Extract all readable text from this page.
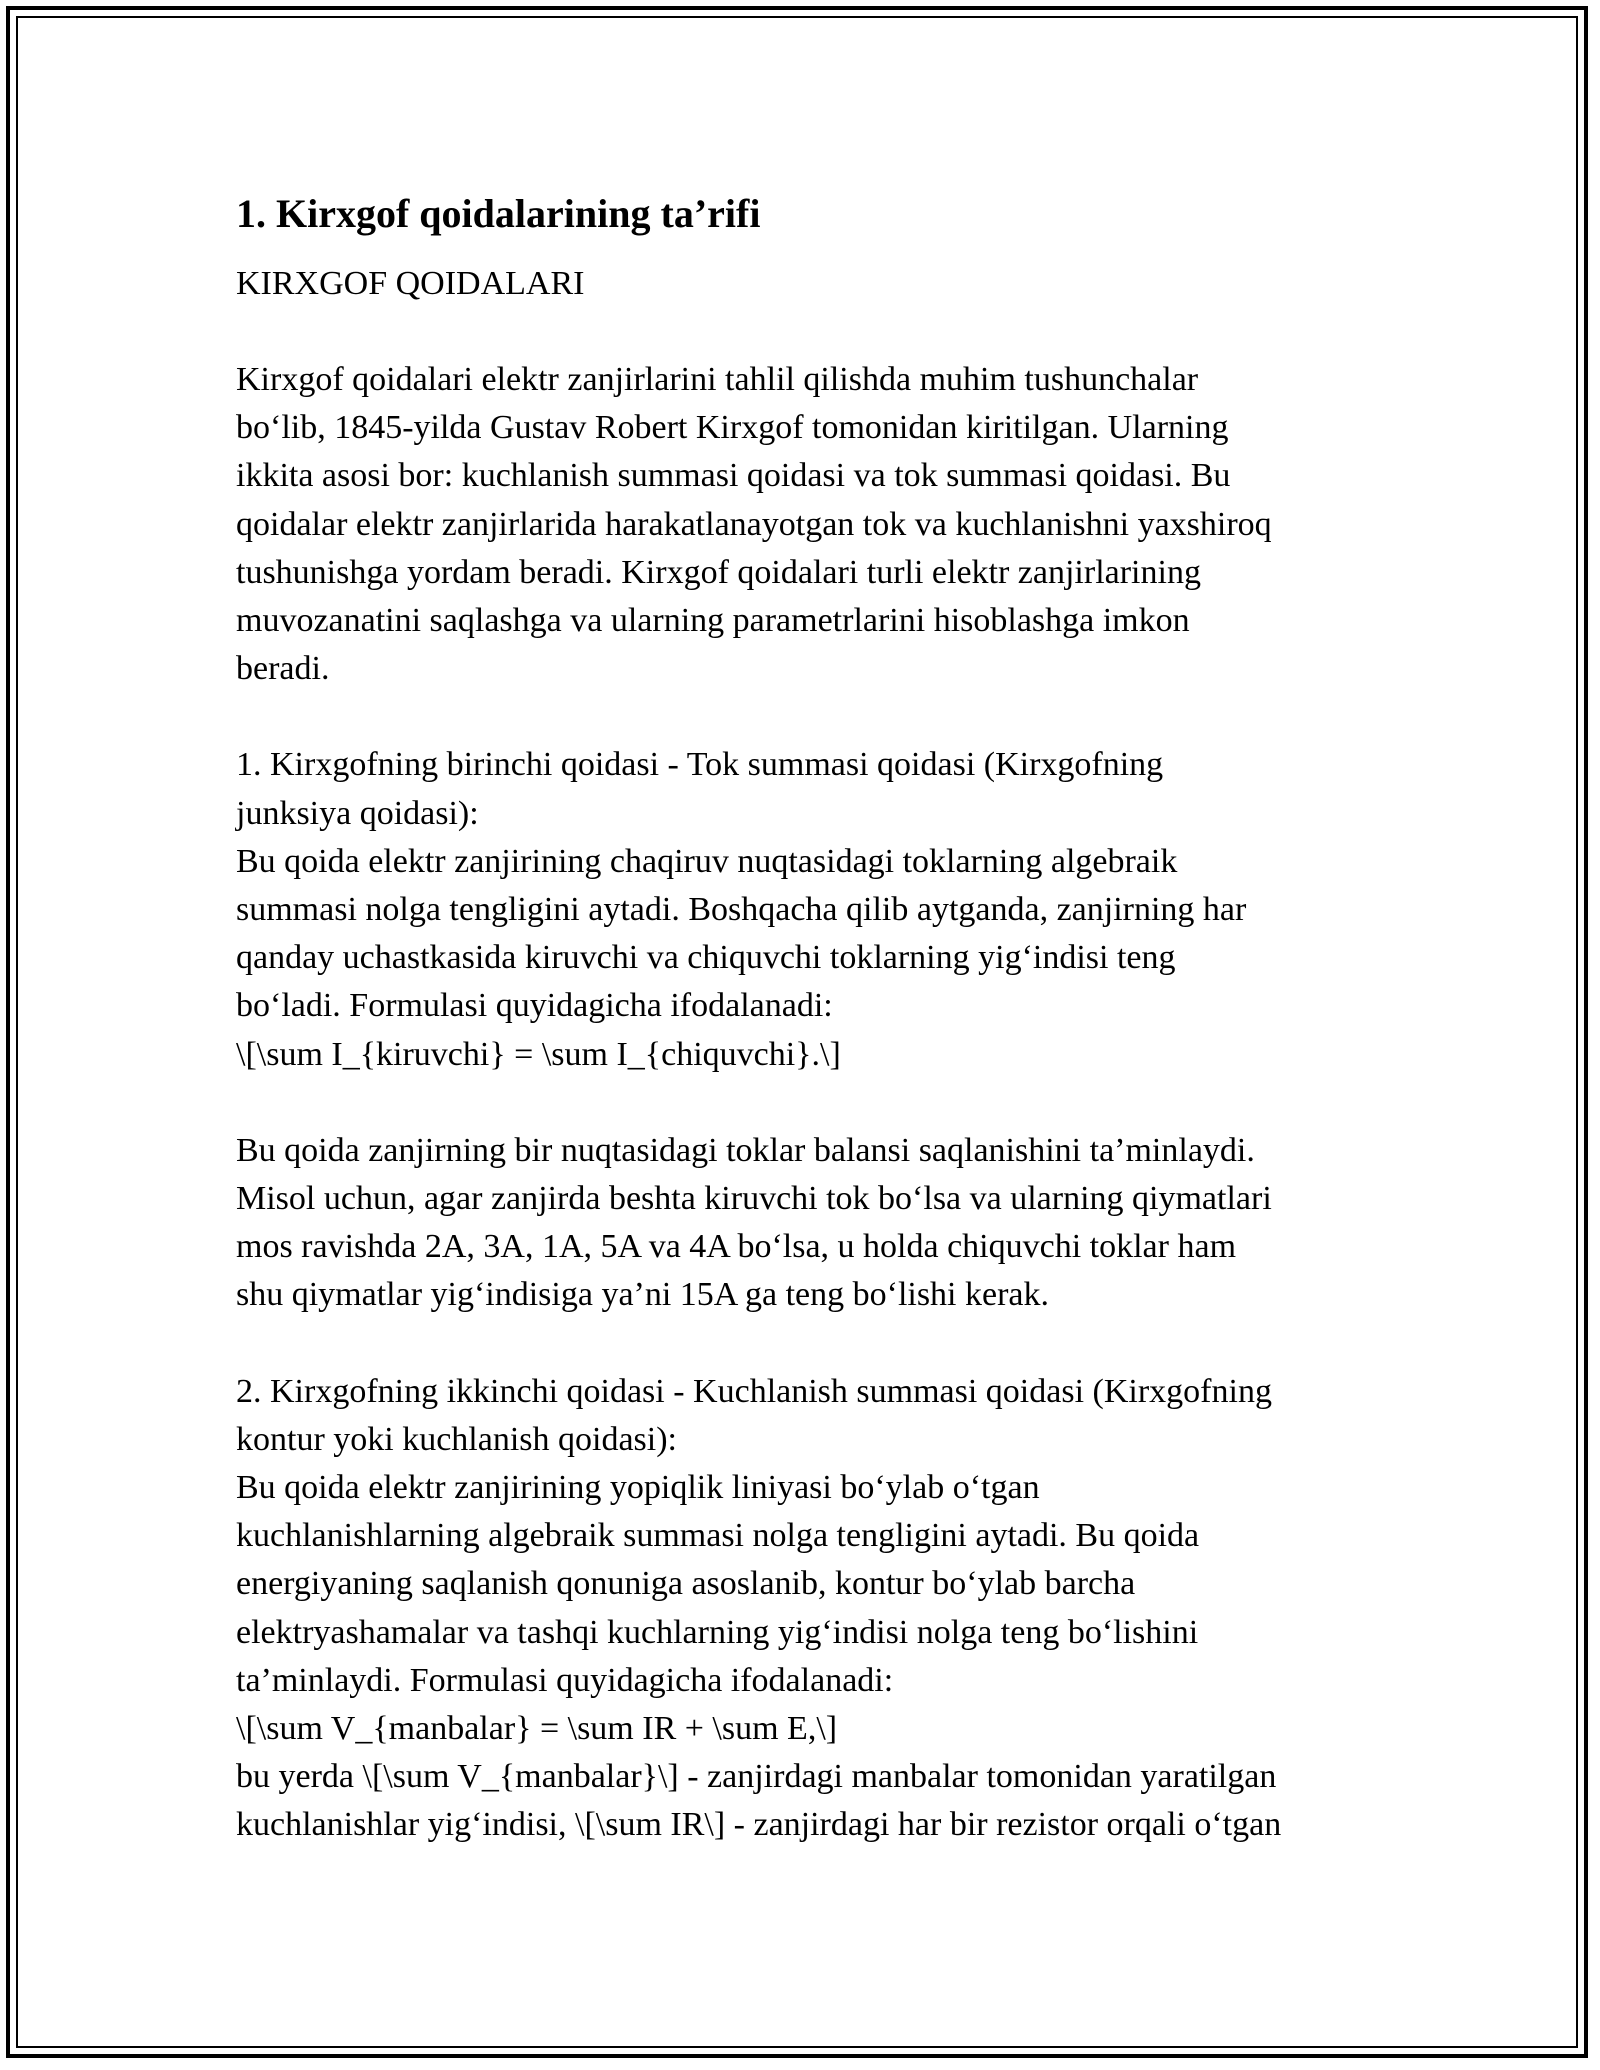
1. Kirxgof qoidalarining ta’rifi

KIRXGOF QOIDALARI

Kirxgof qoidalari elektr zanjirlarini tahlil qilishda muhim tushunchalar
bo‘lib, 1845-yilda Gustav Robert Kirxgof tomonidan kiritilgan. Ularning
ikkita asosi bor: kuchlanish summasi qoidasi va tok summasi qoidasi. Bu
qoidalar elektr zanjirlarida harakatlanayotgan tok va kuchlanishni yaxshiroq
tushunishga yordam beradi. Kirxgof qoidalari turli elektr zanjirlarining
muvozanatini saqlashga va ularning parametrlarini hisoblashga imkon
beradi.

1. Kirxgofning birinchi qoidasi - Tok summasi qoidasi (Kirxgofning
junksiya qoidasi):
Bu qoida elektr zanjirining chaqiruv nuqtasidagi toklarning algebraik
summasi nolga tengligini aytadi. Boshqacha qilib aytganda, zanjirning har
qanday uchastkasida kiruvchi va chiquvchi toklarning yig‘indisi teng
bo‘ladi. Formulasi quyidagicha ifodalanadi:
\[\sum I_{kiruvchi} = \sum I_{chiquvchi}.\]

Bu qoida zanjirning bir nuqtasidagi toklar balansi saqlanishini ta’minlaydi.
Misol uchun, agar zanjirda beshta kiruvchi tok bo‘lsa va ularning qiymatlari
mos ravishda 2A, 3A, 1A, 5A va 4A bo‘lsa, u holda chiquvchi toklar ham
shu qiymatlar yig‘indisiga ya’ni 15A ga teng bo‘lishi kerak.

2. Kirxgofning ikkinchi qoidasi - Kuchlanish summasi qoidasi (Kirxgofning
kontur yoki kuchlanish qoidasi):
Bu qoida elektr zanjirining yopiqlik liniyasi bo‘ylab o‘tgan
kuchlanishlarning algebraik summasi nolga tengligini aytadi. Bu qoida
energiyaning saqlanish qonuniga asoslanib, kontur bo‘ylab barcha
elektryashamalar va tashqi kuchlarning yig‘indisi nolga teng bo‘lishini
ta’minlaydi. Formulasi quyidagicha ifodalanadi:
\[\sum V_{manbalar} = \sum IR + \sum E,\]
bu yerda \[\sum V_{manbalar}\] - zanjirdagi manbalar tomonidan yaratilgan
kuchlanishlar yig‘indisi, \[\sum IR\] - zanjirdagi har bir rezistor orqali o‘tgan
